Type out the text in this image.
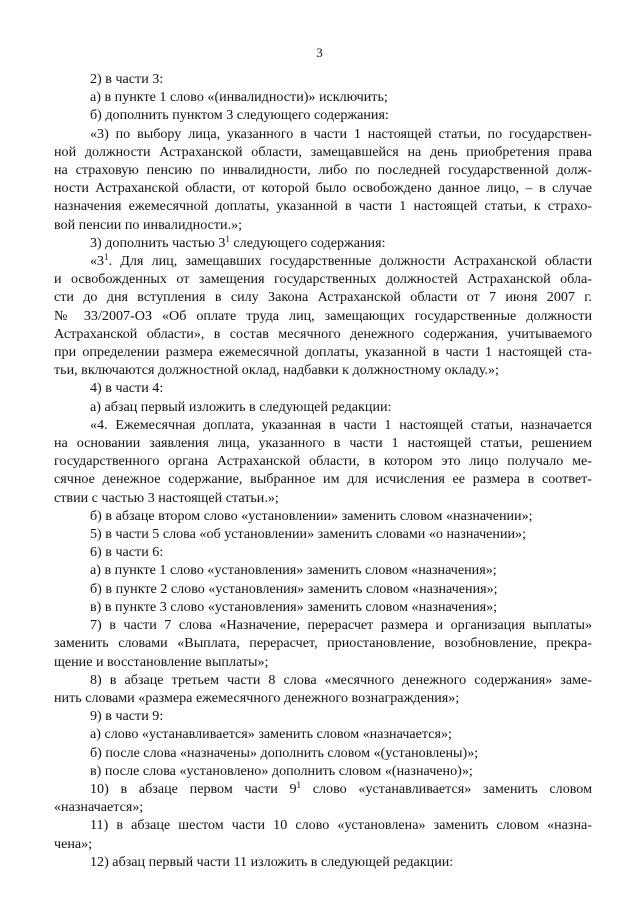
3
2) в части 3:
а) в пункте 1 слово «(инвалидности)» исключить;
б) дополнить пунктом 3 следующего содержания:
«3) по выбору лица, указанного в части 1 настоящей статьи, по государствен-
ной должности Астраханской области, замещавшейся на день приобретения права
на страховую пенсию по инвалидности, либо по последней государственной долж-
ности Астраханской области, от которой было освобождено данное лицо, – в случае
назначения ежемесячной доплаты, указанной в части 1 настоящей статьи, к страхо-
вой пенсии по инвалидности.»;
3) дополнить частью $3^1$ следующего содержания:
«$3^1$. Для лиц, замещавших государственные должности Астраханской области
и освобожденных от замещения государственных должностей Астраханской обла-
сти до дня вступления в силу Закона Астраханской области от 7 июня 2007 г.
№ 33/2007-ОЗ «Об оплате труда лиц, замещающих государственные должности
Астраханской области», в состав месячного денежного содержания, учитываемого
при определении размера ежемесячной доплаты, указанной в части 1 настоящей ста-
тьи, включаются должностной оклад, надбавки к должностному окладу.»;
4) в части 4:
а) абзац первый изложить в следующей редакции:
«4. Ежемесячная доплата, указанная в части 1 настоящей статьи, назначается
на основании заявления лица, указанного в части 1 настоящей статьи, решением
государственного органа Астраханской области, в котором это лицо получало ме-
сячное денежное содержание, выбранное им для исчисления ее размера в соответ-
ствии с частью 3 настоящей статьи.»;
б) в абзаце втором слово «установлении» заменить словом «назначении»;
5) в части 5 слова «об установлении» заменить словами «о назначении»;
6) в части 6:
а) в пункте 1 слово «установления» заменить словом «назначения»;
б) в пункте 2 слово «установления» заменить словом «назначения»;
в) в пункте 3 слово «установления» заменить словом «назначения»;
7) в части 7 слова «Назначение, перерасчет размера и организация выплаты»
заменить словами «Выплата, перерасчет, приостановление, возобновление, прекра-
щение и восстановление выплаты»;
8) в абзаце третьем части 8 слова «месячного денежного содержания» заме-
нить словами «размера ежемесячного денежного вознаграждения»;
9) в части 9:
а) слово «устанавливается» заменить словом «назначается»;
б) после слова «назначены» дополнить словом «(установлены)»;
в) после слова «установлено» дополнить словом «(назначено)»;
10) в абзаце первом части $9^1$ слово «устанавливается» заменить словом
«назначается»;
11) в абзаце шестом части 10 слово «установлена» заменить словом «назна-
чена»;
12) абзац первый части 11 изложить в следующей редакции:
